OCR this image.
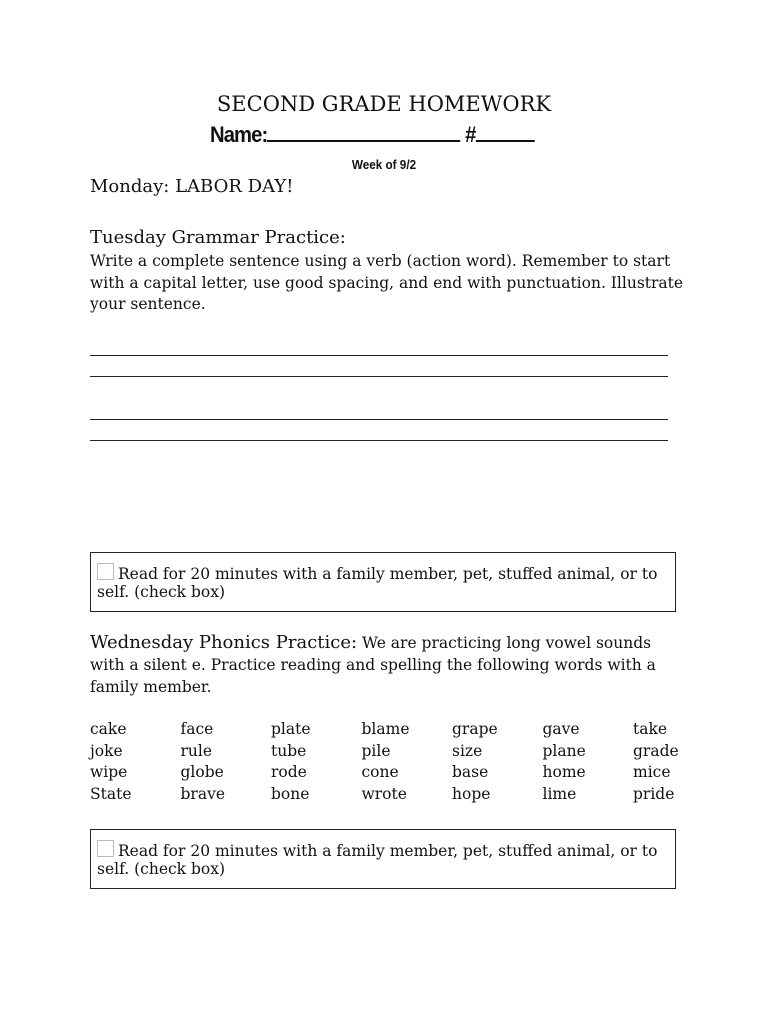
SECOND GRADE HOMEWORK
Name:	#
Week of 9/2
Monday: LABOR DAY!
Tuesday Grammar Practice:
Write a complete sentence using a verb (action word). Remember to start with a capital letter, use good spacing, and end with punctuation. Illustrate your sentence.
Read for 20 minutes with a family member, pet, stuffed animal, or to self. (check box)
Wednesday Phonics Practice: We are practicing long vowel sounds with a silent e. Practice reading and spelling the following words with a family member.
cake	face	plate	blame	grape	gave	take
joke	rule	tube	pile	size	plane	grade
wipe	globe	rode	cone	base	home	mice
State	brave	bone	wrote	hope	lime	pride
Read for 20 minutes with a family member, pet, stuffed animal, or to self. (check box)
